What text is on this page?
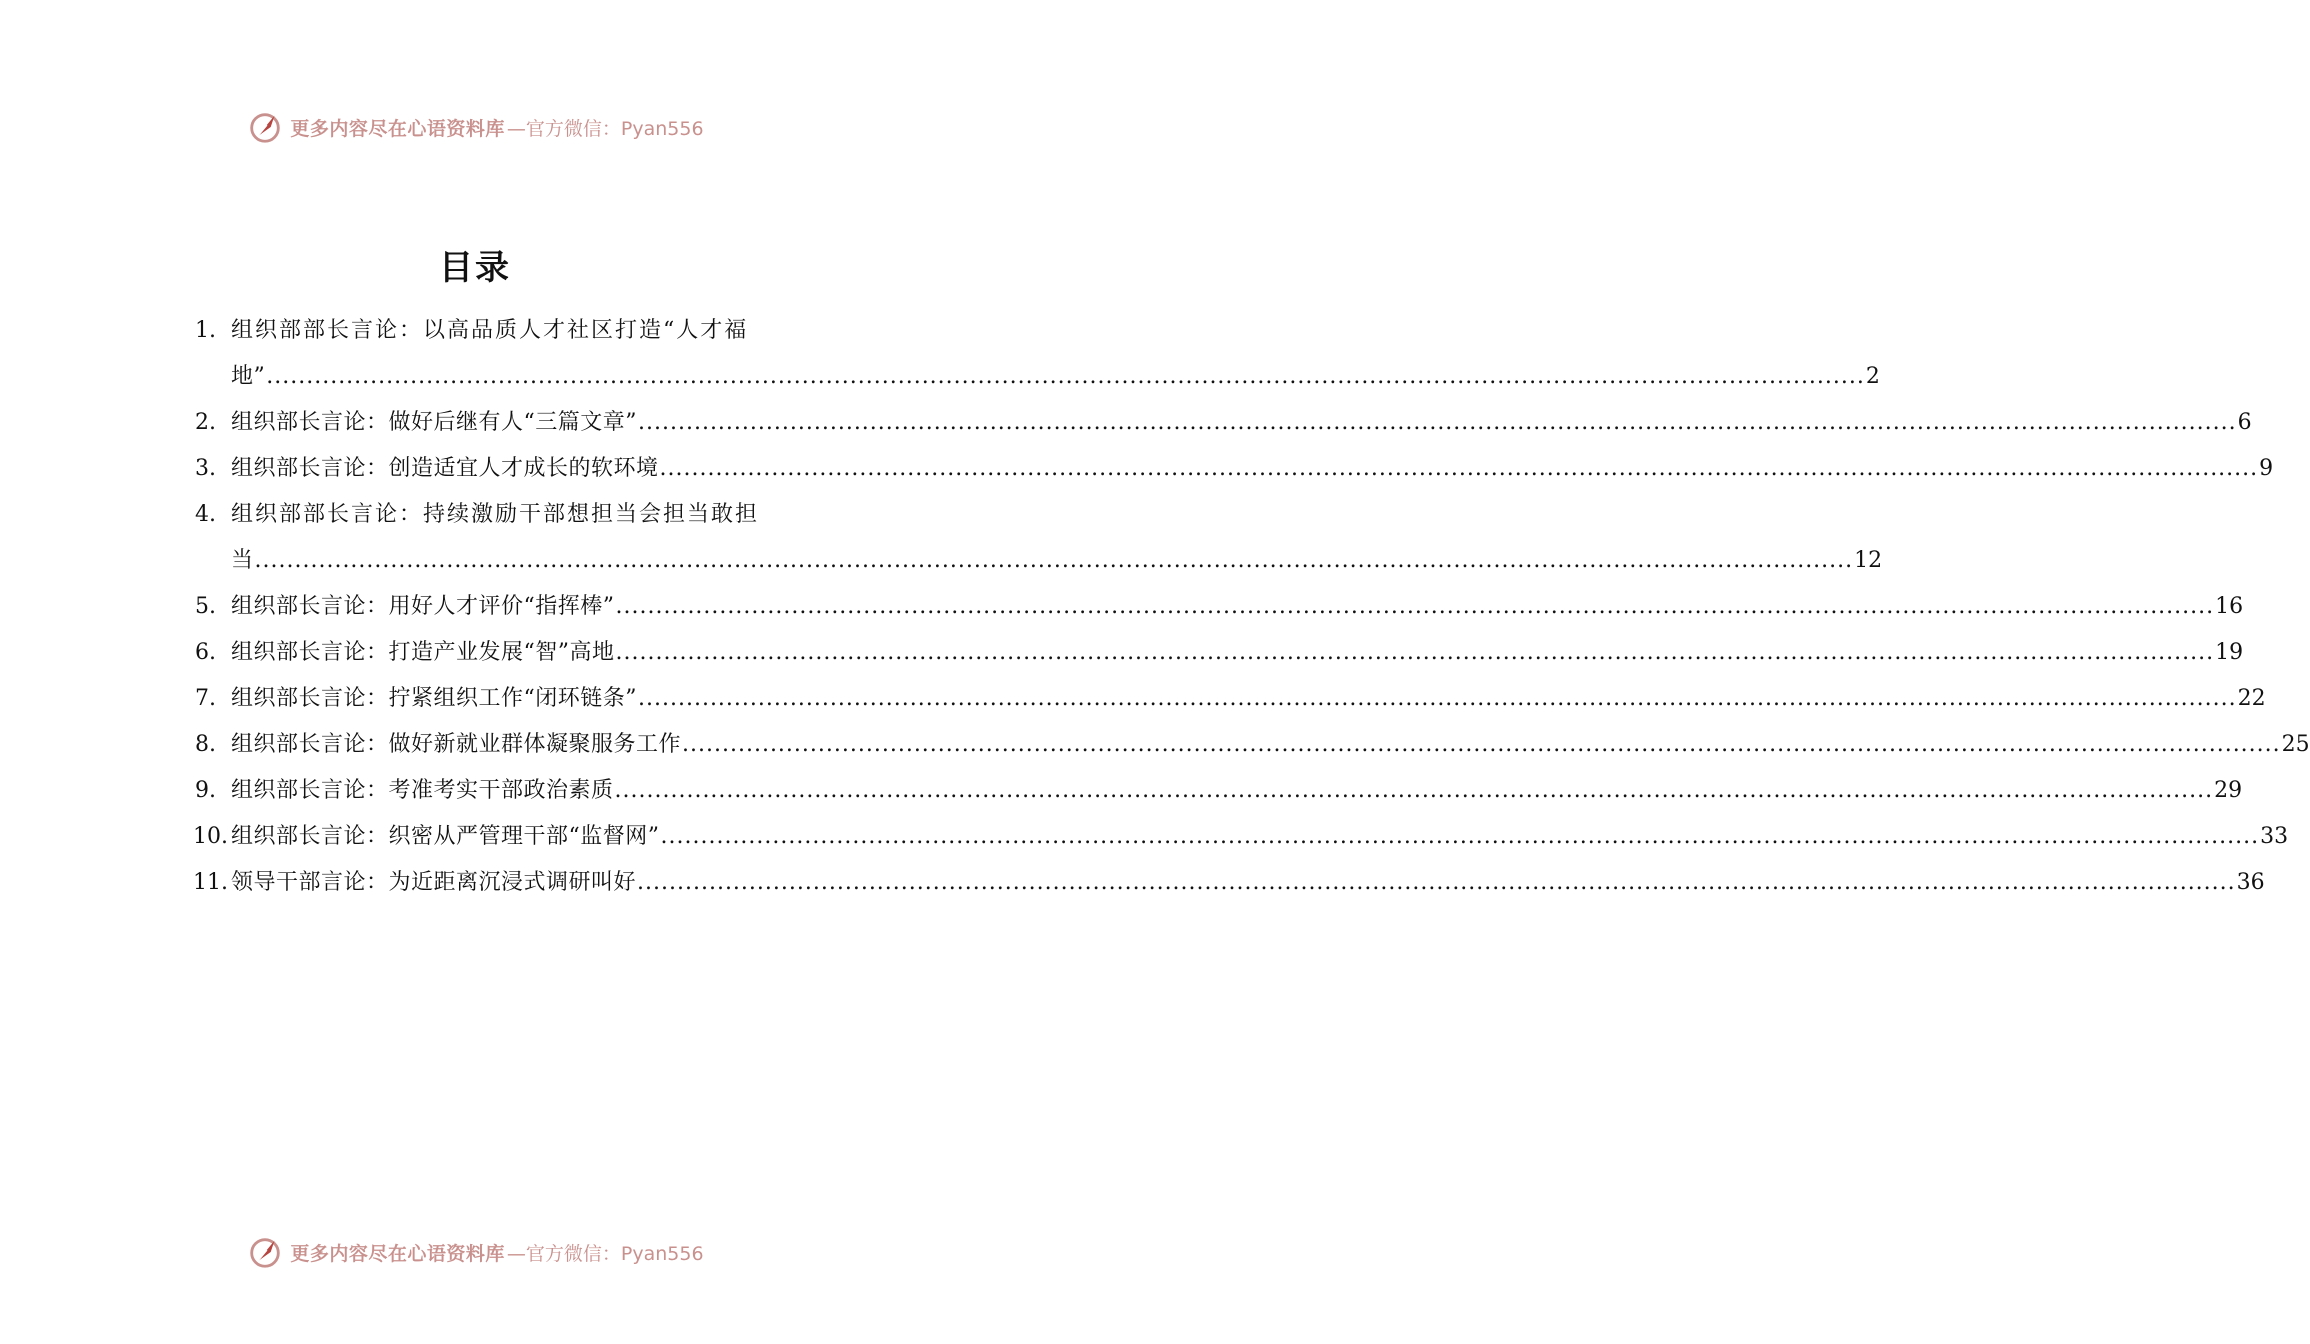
更多内容尽在心语资料库 —官方微信：Pyan556
目录
1. 组织部部长言论：以高品质人才社区打造“人才福
地” ........................................................................................................................................................................................................ 2
2. 组织部长言论：做好后继有人“三篇文章” ........................................................................................................................................................................................................ 6
3. 组织部长言论：创造适宜人才成长的软环境 ........................................................................................................................................................................................................ 9
4. 组织部部长言论：持续激励干部想担当会担当敢担
当 ........................................................................................................................................................................................................ 12
5. 组织部长言论：用好人才评价“指挥棒” ........................................................................................................................................................................................................ 16
6. 组织部长言论：打造产业发展“智”高地 ........................................................................................................................................................................................................ 19
7. 组织部长言论：拧紧组织工作“闭环链条” ........................................................................................................................................................................................................ 22
8. 组织部长言论：做好新就业群体凝聚服务工作 ........................................................................................................................................................................................................ 25
9. 组织部长言论：考准考实干部政治素质 ........................................................................................................................................................................................................ 29
10. 组织部长言论：织密从严管理干部“监督网” ........................................................................................................................................................................................................ 33
11. 领导干部言论：为近距离沉浸式调研叫好 ........................................................................................................................................................................................................ 36
更多内容尽在心语资料库 —官方微信：Pyan556
